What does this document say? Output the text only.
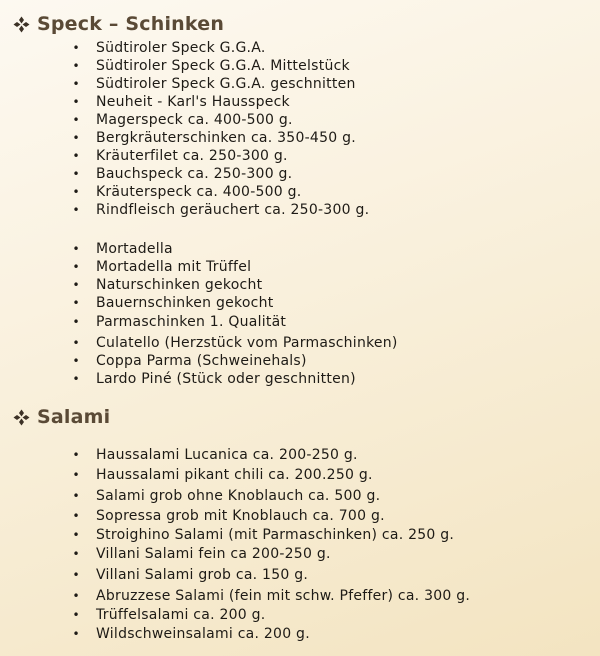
Speck – Schinken
• Südtiroler Speck G.G.A.
• Südtiroler Speck G.G.A. Mittelstück
• Südtiroler Speck G.G.A. geschnitten
• Neuheit - Karl's Hausspeck
• Magerspeck ca. 400-500 g.
• Bergkräuterschinken ca. 350-450 g.
• Kräuterfilet ca. 250-300 g.
• Bauchspeck ca. 250-300 g.
• Kräuterspeck ca. 400-500 g.
• Rindfleisch geräuchert ca. 250-300 g.
• Mortadella
• Mortadella mit Trüffel
• Naturschinken gekocht
• Bauernschinken gekocht
• Parmaschinken 1. Qualität
• Culatello (Herzstück vom Parmaschinken)
• Coppa Parma (Schweinehals)
• Lardo Piné (Stück oder geschnitten)
Salami
• Haussalami Lucanica ca. 200-250 g.
• Haussalami pikant chili ca. 200.250 g.
• Salami grob ohne Knoblauch ca. 500 g.
• Sopressa grob mit Knoblauch ca. 700 g.
• Stroighino Salami (mit Parmaschinken) ca. 250 g.
• Villani Salami fein ca 200-250 g.
• Villani Salami grob ca. 150 g.
• Abruzzese Salami (fein mit schw. Pfeffer) ca. 300 g.
• Trüffelsalami ca. 200 g.
• Wildschweinsalami ca. 200 g.
